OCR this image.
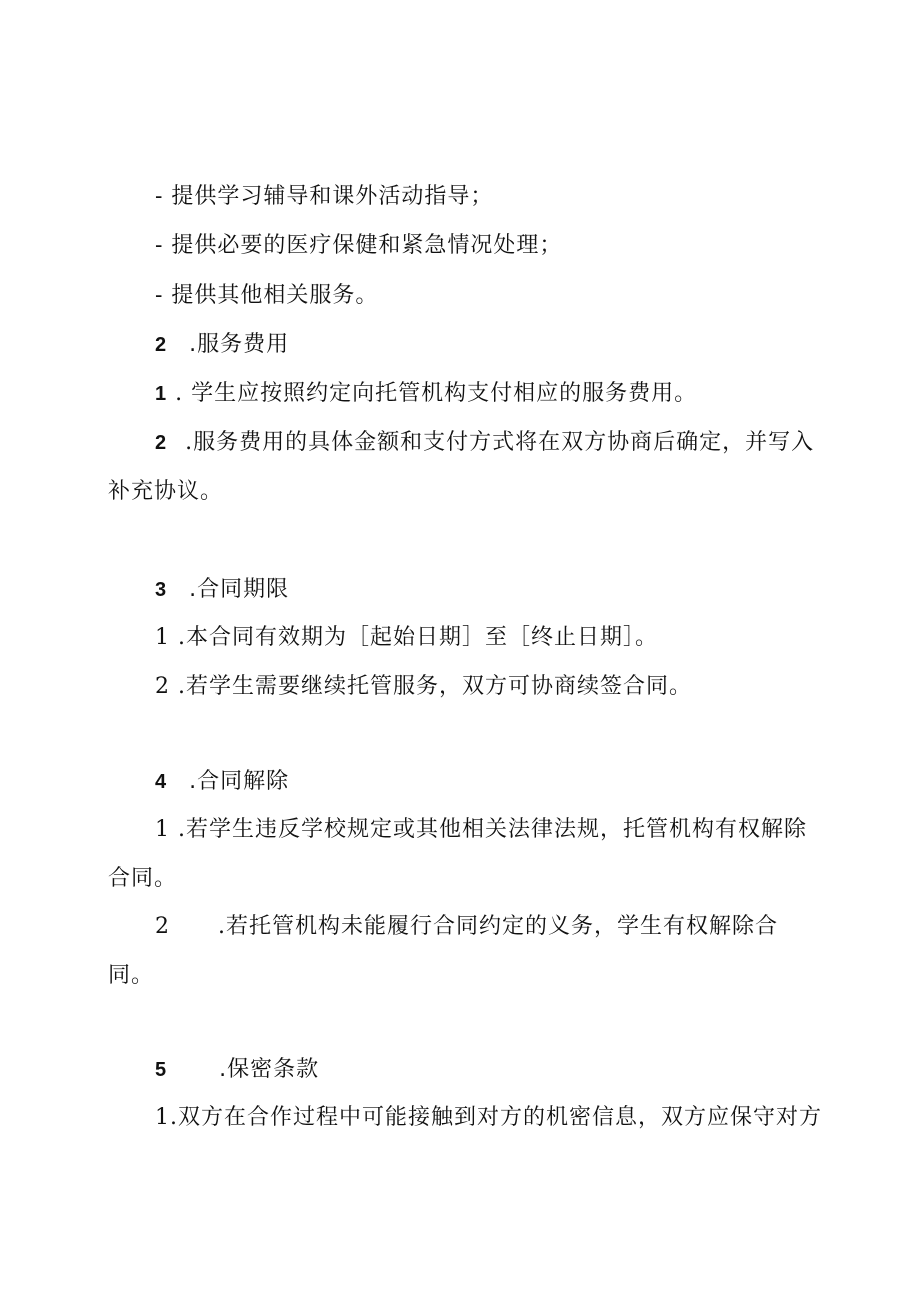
- 提供学习辅导和课外活动指导；
- 提供必要的医疗保健和紧急情况处理；
- 提供其他相关服务。
2 .服务费用
1 . 学生应按照约定向托管机构支付相应的服务费用。
2 .服务费用的具体金额和支付方式将在双方协商后确定，并写入
补充协议。
3 .合同期限
1 .本合同有效期为［起始日期］至［终止日期］。
2 .若学生需要继续托管服务，双方可协商续签合同。
4 .合同解除
1 .若学生违反学校规定或其他相关法律法规，托管机构有权解除
合同。
2 .若托管机构未能履行合同约定的义务，学生有权解除合
同。
5 .保密条款
1.双方在合作过程中可能接触到对方的机密信息，双方应保守对方
